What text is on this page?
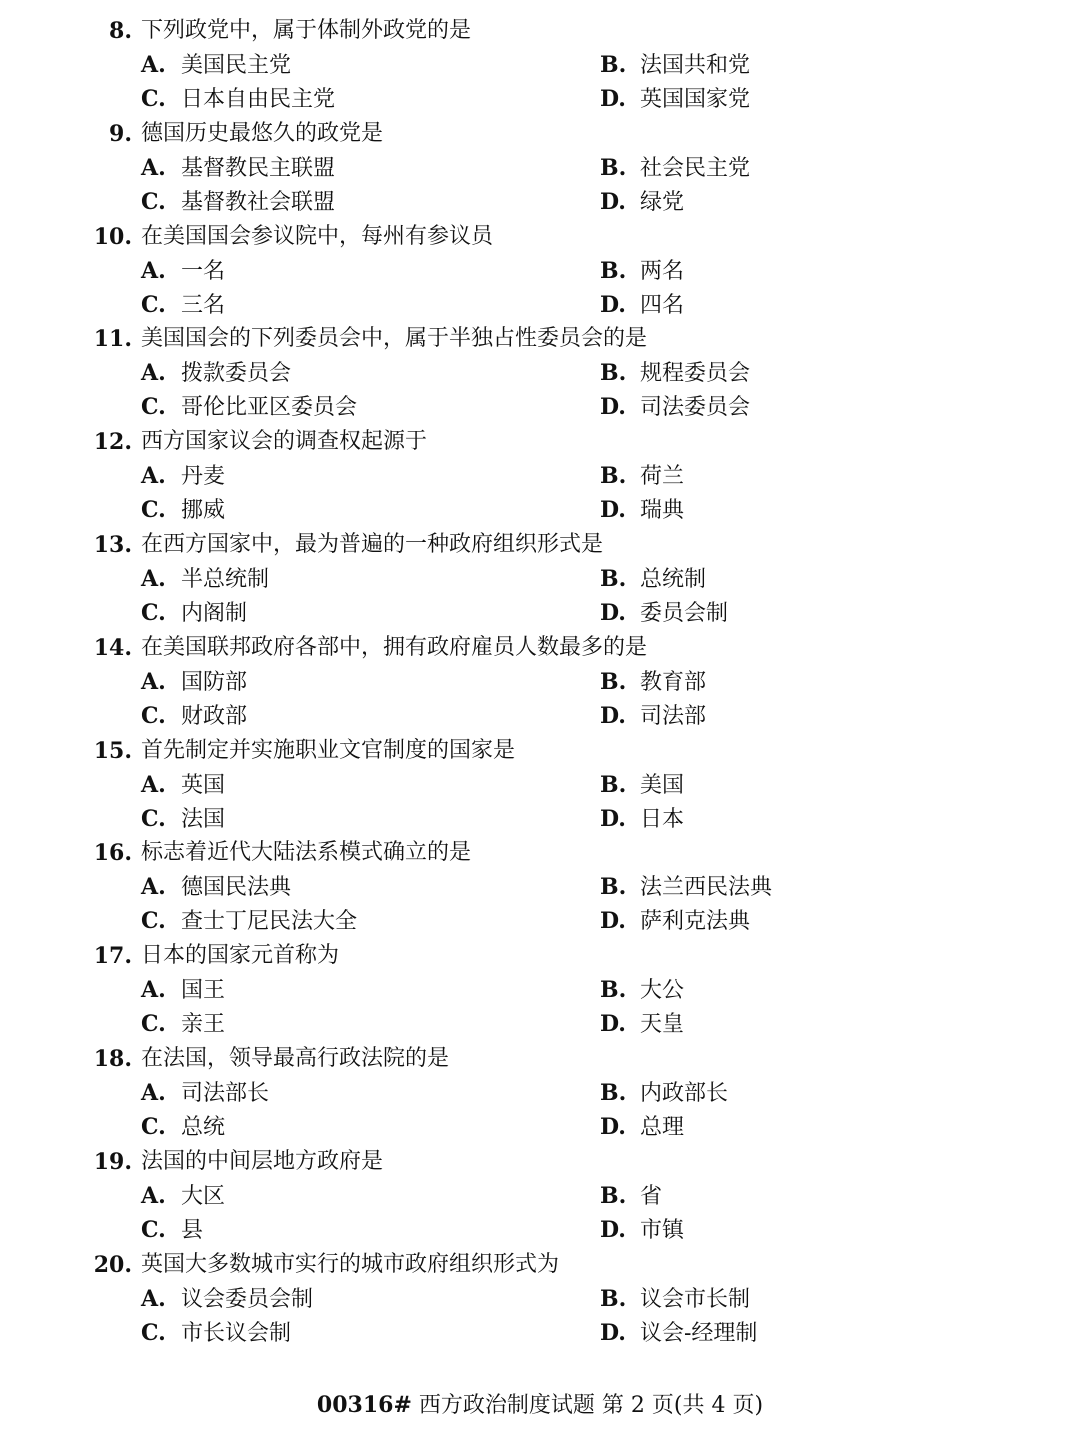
8. 下列政党中，属于体制外政党的是
A. 美国民主党	B. 法国共和党
C. 日本自由民主党	D. 英国国家党
9. 德国历史最悠久的政党是
A. 基督教民主联盟	B. 社会民主党
C. 基督教社会联盟	D. 绿党
10. 在美国国会参议院中，每州有参议员
A. 一名	B. 两名
C. 三名	D. 四名
11. 美国国会的下列委员会中，属于半独占性委员会的是
A. 拨款委员会	B. 规程委员会
C. 哥伦比亚区委员会	D. 司法委员会
12. 西方国家议会的调查权起源于
A. 丹麦	B. 荷兰
C. 挪威	D. 瑞典
13. 在西方国家中，最为普遍的一种政府组织形式是
A. 半总统制	B. 总统制
C. 内阁制	D. 委员会制
14. 在美国联邦政府各部中，拥有政府雇员人数最多的是
A. 国防部	B. 教育部
C. 财政部	D. 司法部
15. 首先制定并实施职业文官制度的国家是
A. 英国	B. 美国
C. 法国	D. 日本
16. 标志着近代大陆法系模式确立的是
A. 德国民法典	B. 法兰西民法典
C. 查士丁尼民法大全	D. 萨利克法典
17. 日本的国家元首称为
A. 国王	B. 大公
C. 亲王	D. 天皇
18. 在法国，领导最高行政法院的是
A. 司法部长	B. 内政部长
C. 总统	D. 总理
19. 法国的中间层地方政府是
A. 大区	B. 省
C. 县	D. 市镇
20. 英国大多数城市实行的城市政府组织形式为
A. 议会委员会制	B. 议会市长制
C. 市长议会制	D. 议会-经理制
00316# 西方政治制度试题 第 2 页(共 4 页)
